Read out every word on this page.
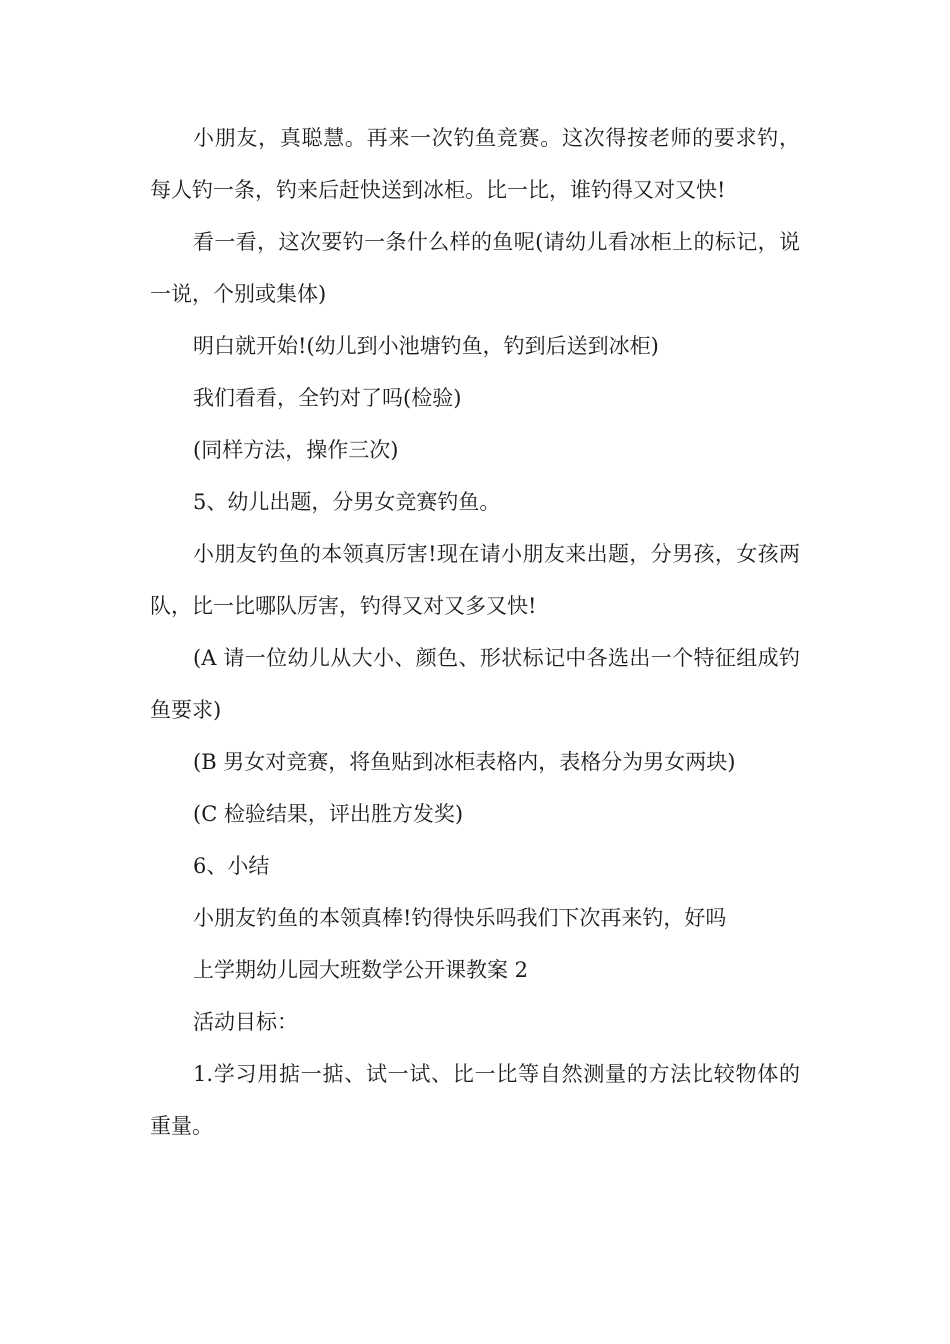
小朋友，真聪慧。再来一次钓鱼竞赛。这次得按老师的要求钓，每人钓一条，钓来后赶快送到冰柜。比一比，谁钓得又对又快!

看一看，这次要钓一条什么样的鱼呢(请幼儿看冰柜上的标记，说一说，个别或集体)

明白就开始!(幼儿到小池塘钓鱼，钓到后送到冰柜)

我们看看，全钓对了吗(检验)

(同样方法，操作三次)

5、幼儿出题，分男女竞赛钓鱼。

小朋友钓鱼的本领真厉害!现在请小朋友来出题，分男孩，女孩两队，比一比哪队厉害，钓得又对又多又快!

(A 请一位幼儿从大小、颜色、形状标记中各选出一个特征组成钓鱼要求)

(B 男女对竞赛，将鱼贴到冰柜表格内，表格分为男女两块)

(C 检验结果，评出胜方发奖)

6、小结

小朋友钓鱼的本领真棒!钓得快乐吗我们下次再来钓，好吗

上学期幼儿园大班数学公开课教案 2

活动目标：

1.学习用掂一掂、试一试、比一比等自然测量的方法比较物体的重量。
